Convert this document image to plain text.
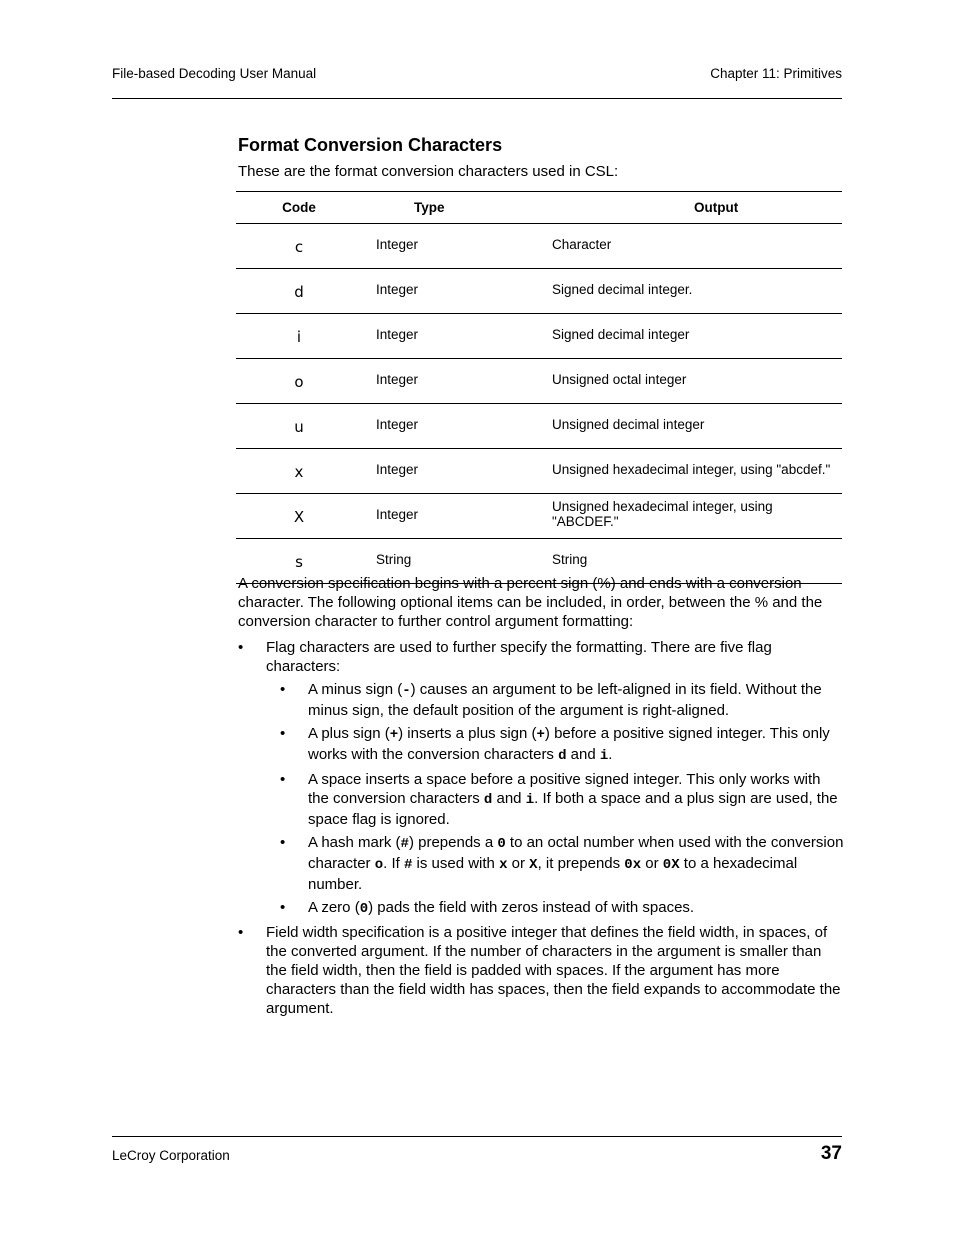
File-based Decoding User Manual	Chapter 11: Primitives
Format Conversion Characters
These are the format conversion characters used in CSL:
Code	Type	Output
c	Integer	Character
d	Integer	Signed decimal integer.
i	Integer	Signed decimal integer
o	Integer	Unsigned octal integer
u	Integer	Unsigned decimal integer
x	Integer	Unsigned hexadecimal integer, using "abcdef."
X	Integer	Unsigned hexadecimal integer, using "ABCDEF."
s	String	String

A conversion specification begins with a percent sign (%) and ends with a conversion character. The following optional items can be included, in order, between the % and the conversion character to further control argument formatting:

• Flag characters are used to further specify the formatting. There are five flag characters:
• A minus sign (-) causes an argument to be left-aligned in its field. Without the minus sign, the default position of the argument is right-aligned.
• A plus sign (+) inserts a plus sign (+) before a positive signed integer. This only works with the conversion characters d and i.
• A space inserts a space before a positive signed integer. This only works with the conversion characters d and i. If both a space and a plus sign are used, the space flag is ignored.
• A hash mark (#) prepends a 0 to an octal number when used with the conversion character o. If # is used with x or X, it prepends 0x or 0X to a hexadecimal number.
• A zero (0) pads the field with zeros instead of with spaces.
• Field width specification is a positive integer that defines the field width, in spaces, of the converted argument. If the number of characters in the argument is smaller than the field width, then the field is padded with spaces. If the argument has more characters than the field width has spaces, then the field expands to accommodate the argument.
LeCroy Corporation	37
